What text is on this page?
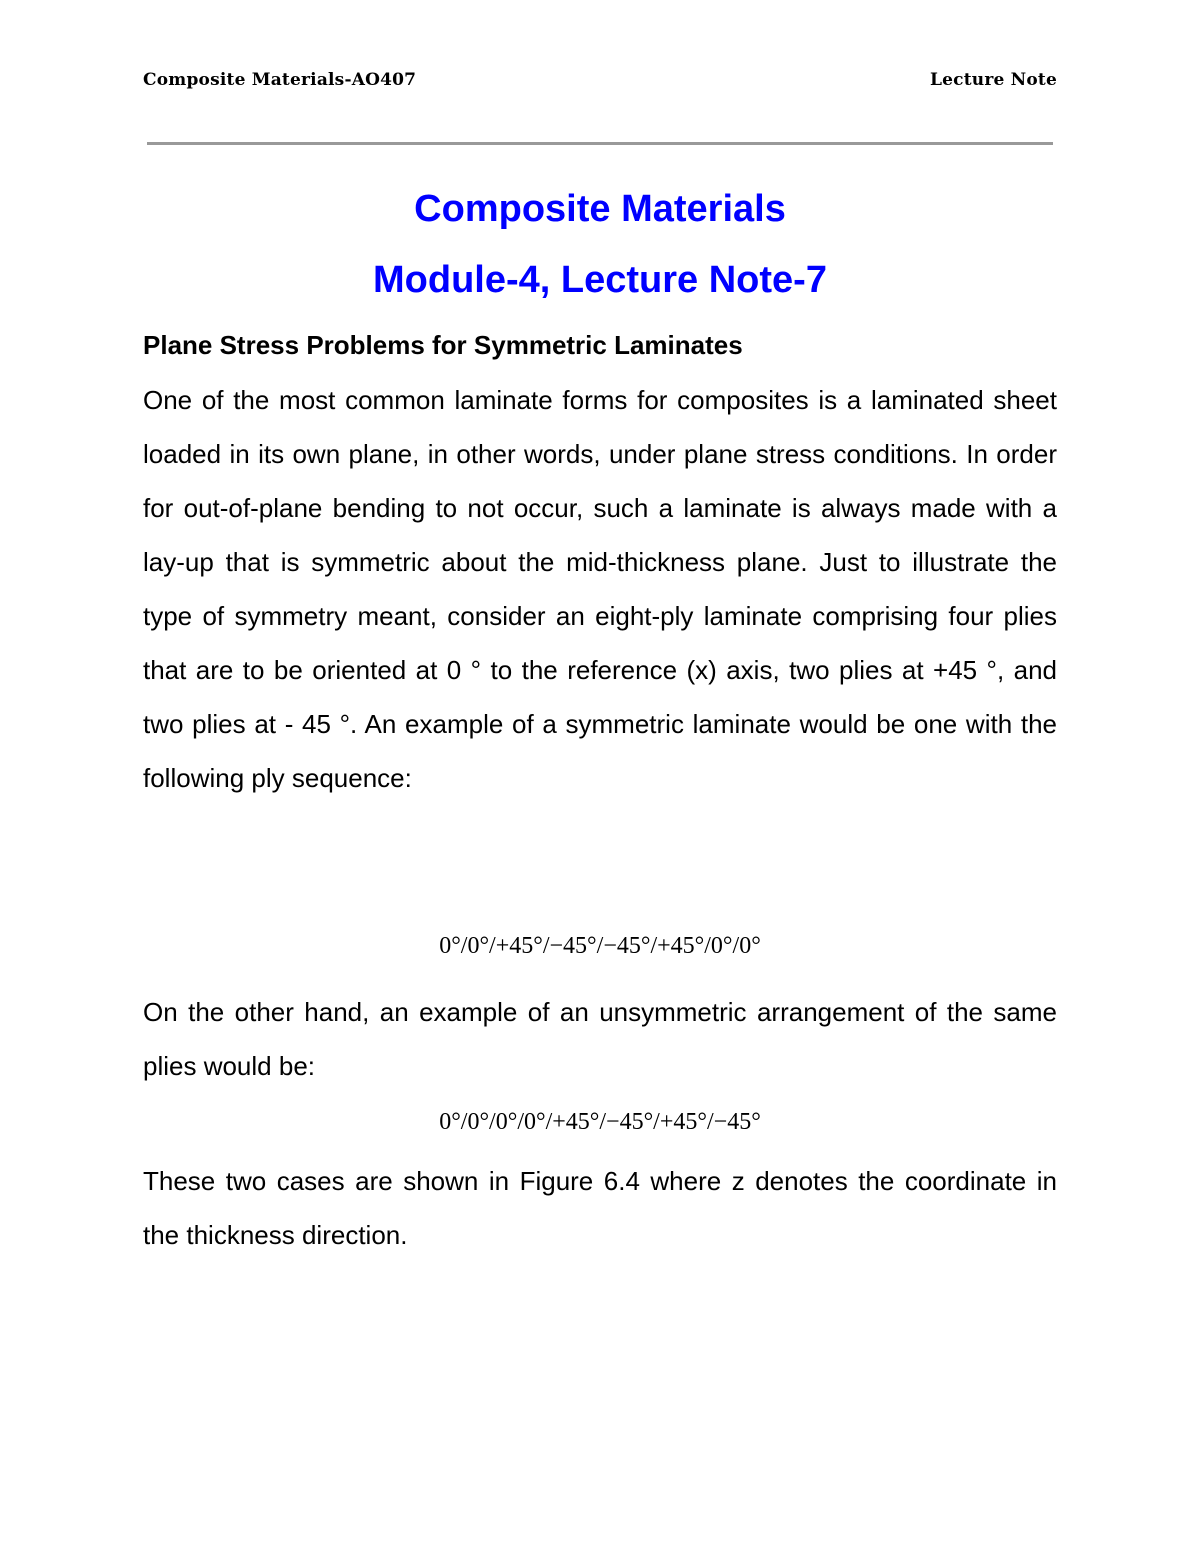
Composite Materials-AO407	Lecture Note
Composite Materials
Module-4, Lecture Note-7
Plane Stress Problems for Symmetric Laminates

One of the most common laminate forms for composites is a laminated sheet loaded in its own plane, in other words, under plane stress conditions. In order for out-of-plane bending to not occur, such a laminate is always made with a lay-up that is symmetric about the mid-thickness plane. Just to illustrate the type of symmetry meant, consider an eight-ply laminate comprising four plies that are to be oriented at 0 ° to the reference (x) axis, two plies at +45 °, and two plies at - 45 °. An example of a symmetric laminate would be one with the following ply sequence:

0°/0°/+45°/−45°/−45°/+45°/0°/0°

On the other hand, an example of an unsymmetric arrangement of the same plies would be:

0°/0°/0°/0°/+45°/−45°/+45°/−45°

These two cases are shown in Figure 6.4 where z denotes the coordinate in the thickness direction.
